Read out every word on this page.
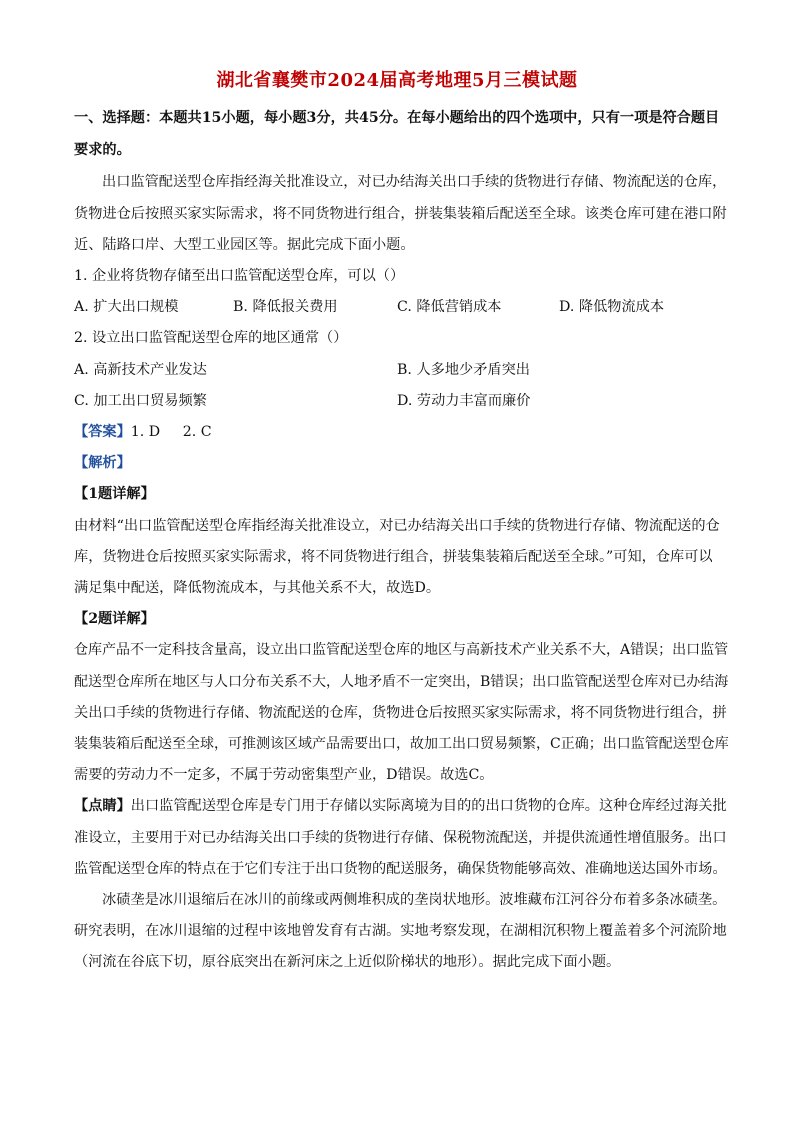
湖北省襄樊市2024届高考地理5月三模试题
一、选择题：本题共15小题，每小题3分，共45分。在每小题给出的四个选项中，只有一项是符合题目
要求的。
出口监管配送型仓库指经海关批准设立，对已办结海关出口手续的货物进行存储、物流配送的仓库，
货物进仓后按照买家实际需求，将不同货物进行组合，拼装集装箱后配送至全球。该类仓库可建在港口附
近、陆路口岸、大型工业园区等。据此完成下面小题。
1. 企业将货物存储至出口监管配送型仓库，可以（）
A. 扩大出口规模	B. 降低报关费用	C. 降低营销成本	D. 降低物流成本
2. 设立出口监管配送型仓库的地区通常（）
A. 高新技术产业发达	B. 人多地少矛盾突出
C. 加工出口贸易频繁	D. 劳动力丰富而廉价
【答案】1. D     2. C
【解析】
【1题详解】
由材料“出口监管配送型仓库指经海关批准设立，对已办结海关出口手续的货物进行存储、物流配送的仓
库，货物进仓后按照买家实际需求，将不同货物进行组合，拼装集装箱后配送至全球。”可知，仓库可以
满足集中配送，降低物流成本，与其他关系不大，故选D。
【2题详解】
仓库产品不一定科技含量高，设立出口监管配送型仓库的地区与高新技术产业关系不大，A错误；出口监管
配送型仓库所在地区与人口分布关系不大，人地矛盾不一定突出，B错误；出口监管配送型仓库对已办结海
关出口手续的货物进行存储、物流配送的仓库，货物进仓后按照买家实际需求，将不同货物进行组合，拼
装集装箱后配送至全球，可推测该区域产品需要出口，故加工出口贸易频繁，C正确；出口监管配送型仓库
需要的劳动力不一定多，不属于劳动密集型产业，D错误。故选C。
【点睛】出口监管配送型仓库是专门用于存储以实际离境为目的的出口货物的仓库。这种仓库经过海关批
准设立，主要用于对已办结海关出口手续的货物进行存储、保税物流配送，并提供流通性增值服务。出口
监管配送型仓库的特点在于它们专注于出口货物的配送服务，确保货物能够高效、准确地送达国外市场。
冰碛垄是冰川退缩后在冰川的前缘或两侧堆积成的垄岗状地形。波堆藏布江河谷分布着多条冰碛垄。
研究表明，在冰川退缩的过程中该地曾发育有古湖。实地考察发现，在湖相沉积物上覆盖着多个河流阶地
（河流在谷底下切，原谷底突出在新河床之上近似阶梯状的地形）。据此完成下面小题。
